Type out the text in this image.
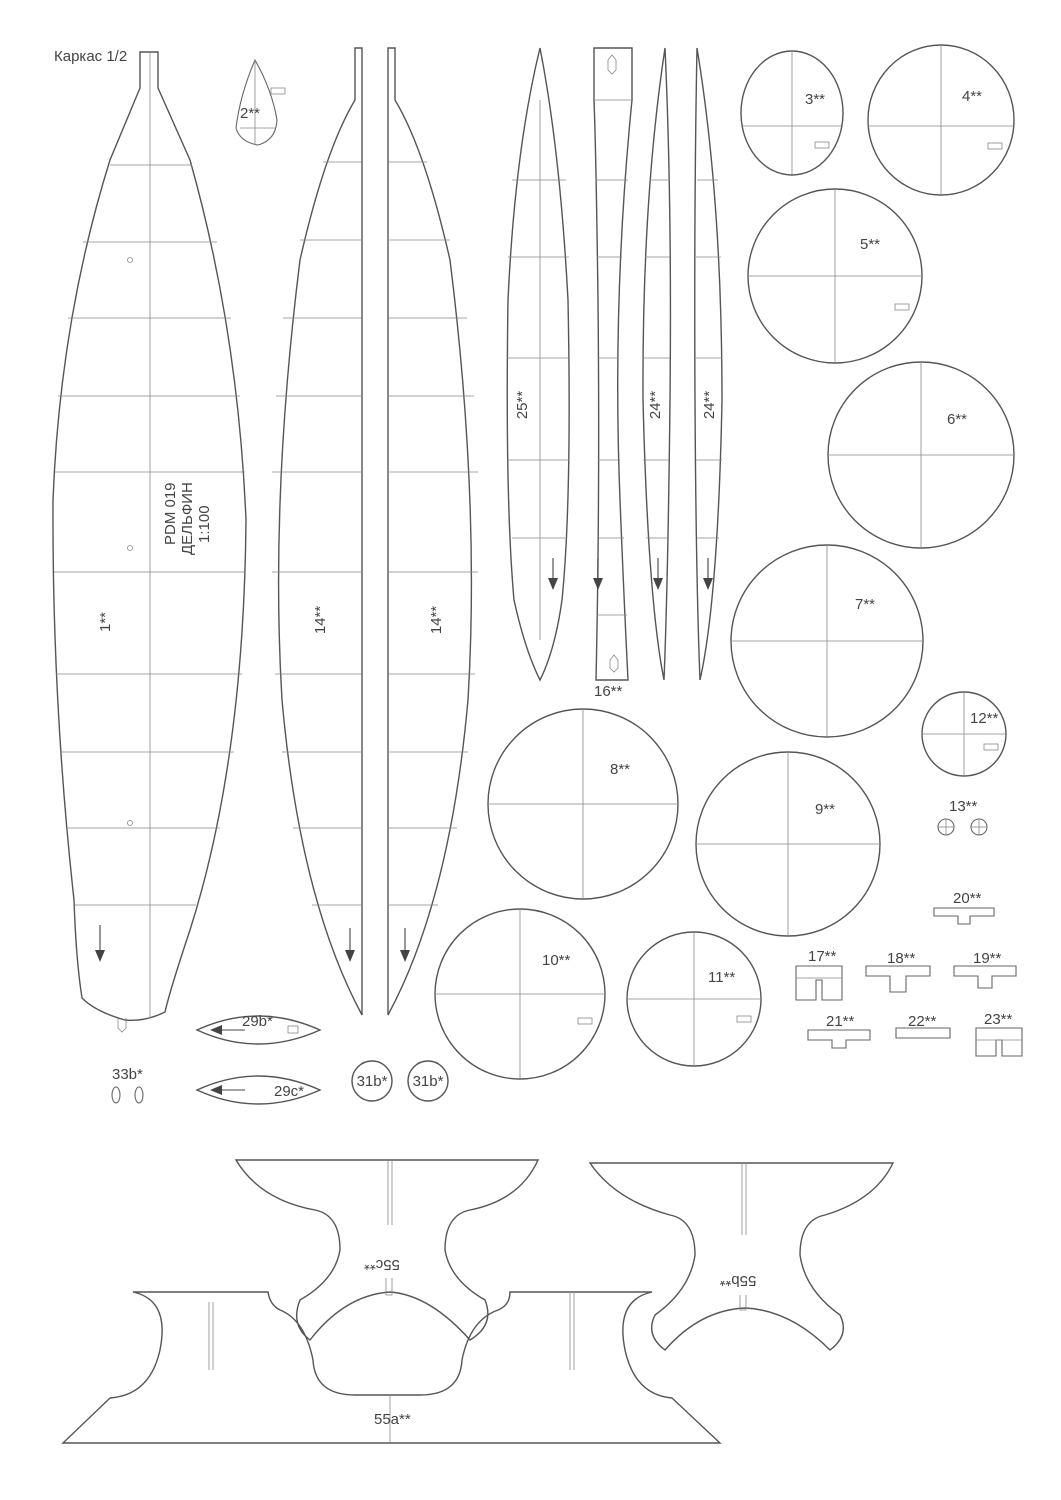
Каркас 1/2
1**
PDM 019 ДЕЛЬФИН 1:100
2**
14**	14**
25**
16**
24** 24**
3**	4**
5**
6**
7**
12**
8**
9**
10**
11**
13**
20**
17**	18**	19**
21**	22**	23**
29b*
29c*
31b* 31b*
33b*
55c**
55b**
55a**
